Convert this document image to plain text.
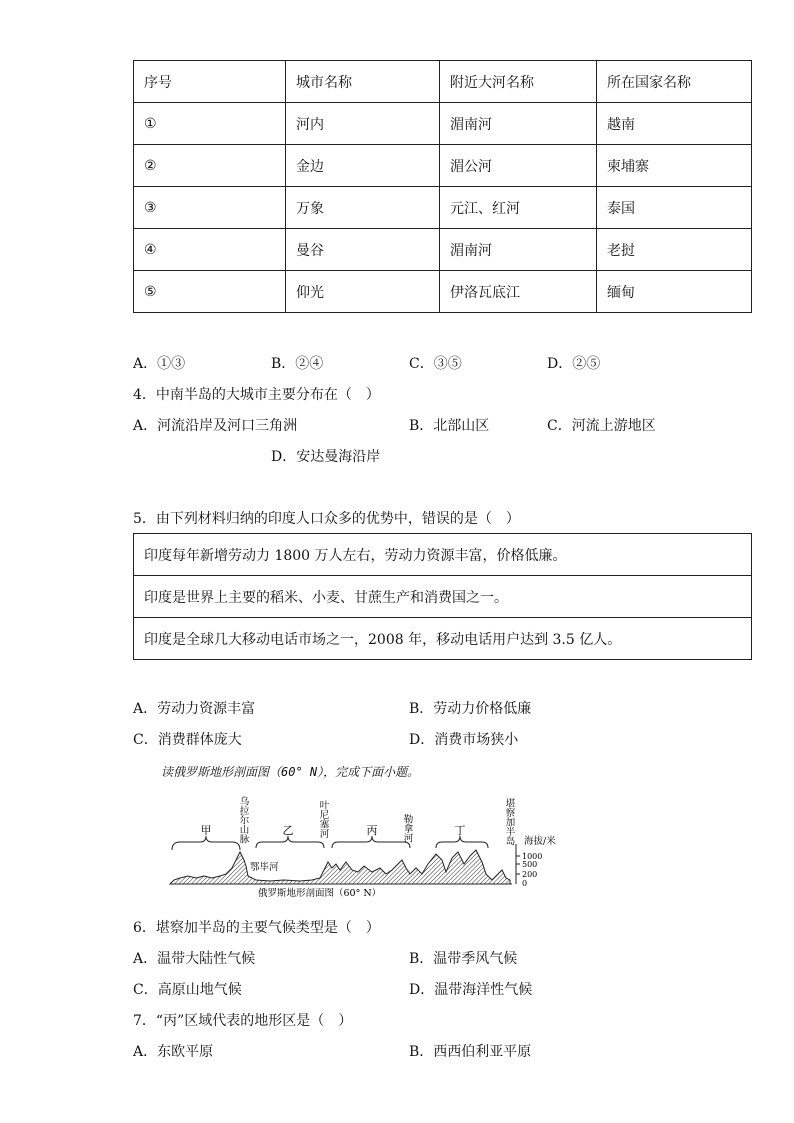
序号	城市名称	附近大河名称	所在国家名称
①	河内	湄南河	越南
②	金边	湄公河	柬埔寨
③	万象	元江、红河	泰国
④	曼谷	湄南河	老挝
⑤	仰光	伊洛瓦底江	缅甸
A．①③	B．②④	C．③⑤	D．②⑤
4．中南半岛的大城市主要分布在（　）
A．河流沿岸及河口三角洲	B．北部山区	C．河流上游地区
D．安达曼海沿岸
5．由下列材料归纳的印度人口众多的优势中，错误的是（　）
印度每年新增劳动力 1800 万人左右，劳动力资源丰富，价格低廉。
印度是世界上主要的稻米、小麦、甘蔗生产和消费国之一。
印度是全球几大移动电话市场之一，2008 年，移动电话用户达到 3.5 亿人。
A．劳动力资源丰富	B．劳动力价格低廉
C．消费群体庞大	D．消费市场狭小
读俄罗斯地形剖面图（60° N），完成下面小题。
甲	乙	丙	丁
乌拉尔山脉	叶尼塞河	勒拿河	堪察加半岛
鄂毕河
海拔/米
1000
500
200
0
俄罗斯地形剖面图（60° N）
6．堪察加半岛的主要气候类型是（　）
A．温带大陆性气候	B．温带季风气候
C．高原山地气候	D．温带海洋性气候
7．“丙”区域代表的地形区是（　）
A．东欧平原	B．西西伯利亚平原
